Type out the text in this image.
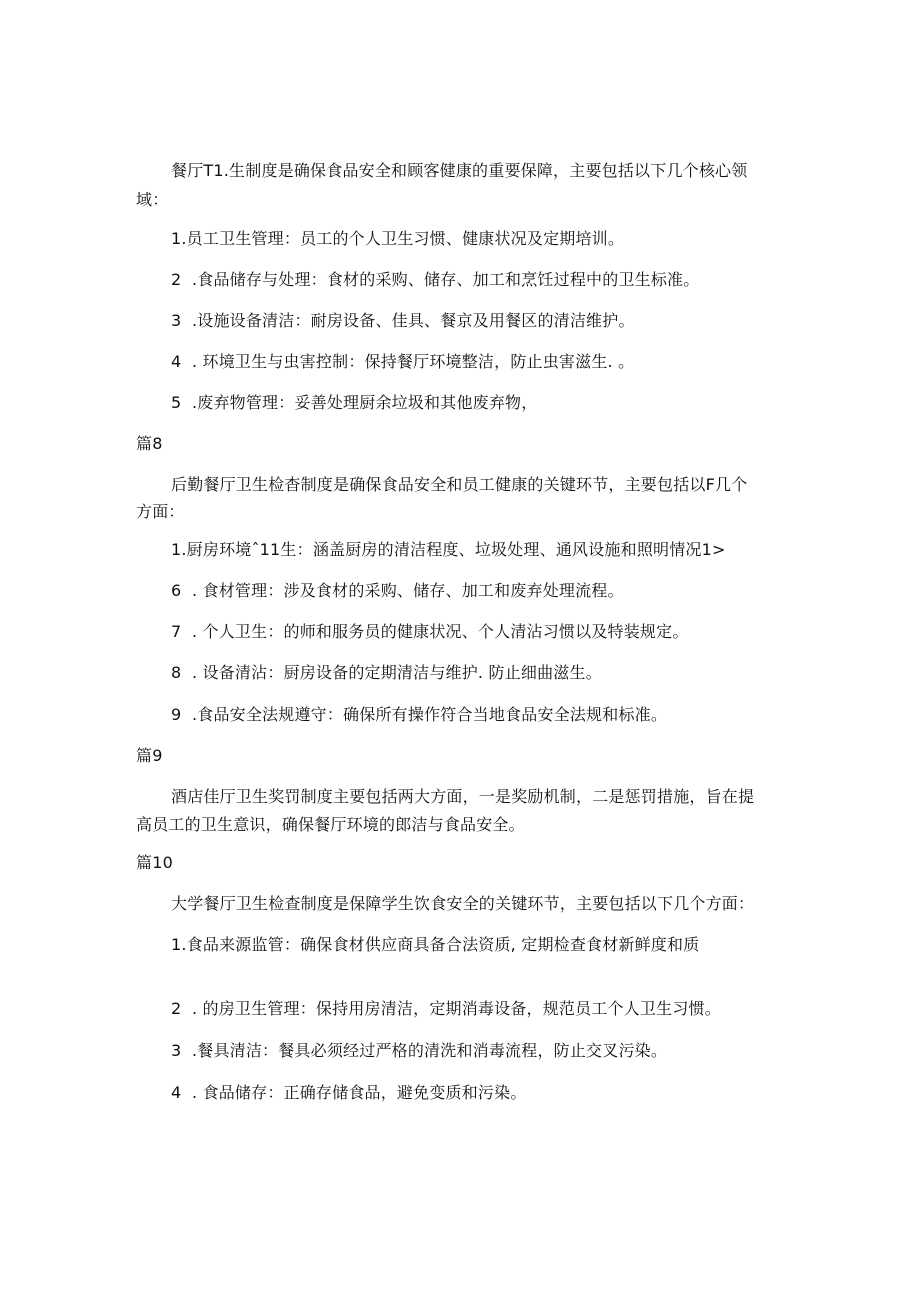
餐厅T1.生制度是确保食品安全和顾客健康的重要保障，主要包括以下几个核心领
域：
1.员工卫生管理：员工的个人卫生习惯、健康状况及定期培训。
2  .食品储存与处理：食材的采购、储存、加工和烹饪过程中的卫生标准。
3  .设施设备清洁：耐房设备、佳具、餐京及用餐区的清洁维护。
4  . 环境卫生与虫害控制：保持餐厅环境整洁，防止虫害滋生. 。
5  .废弃物管理：妥善处理厨余垃圾和其他废弃物，
篇8
后勤餐厅卫生检杳制度是确保食品安全和员工健康的关键环节，主要包括以F几个
方面：
1.厨房环境ˆ11生：涵盖厨房的清洁程度、垃圾处理、通风设施和照明情况1>
6  . 食材管理：涉及食材的采购、储存、加工和废弃处理流程。
7  . 个人卫生：的师和服务员的健康状况、个人清沾习惯以及特装规定。
8  . 设备清沾：厨房设备的定期清洁与维护. 防止细曲滋生。
9  .食品安全法规遵守：确保所有操作符合当地食品安全法规和标准。
篇9
酒店佳厅卫生奖罚制度主要包括两大方面，一是奖励机制，二是惩罚措施，旨在提
高员工的卫生意识，确保餐厅环境的郎洁与食品安全。
篇10
大学餐厅卫生检查制度是保障学生饮食安全的关键环节，主要包括以下几个方面：
1.食品来源监管：确保食材供应商具备合法资质, 定期检查食材新鲜度和质
2  . 的房卫生管理：保持用房清洁，定期消毒设备，规范员工个人卫生习惯。
3  .餐具清洁：餐具必须经过严格的清洗和消毒流程，防止交叉污染。
4  . 食品储存：正确存储食品，避免变质和污染。
